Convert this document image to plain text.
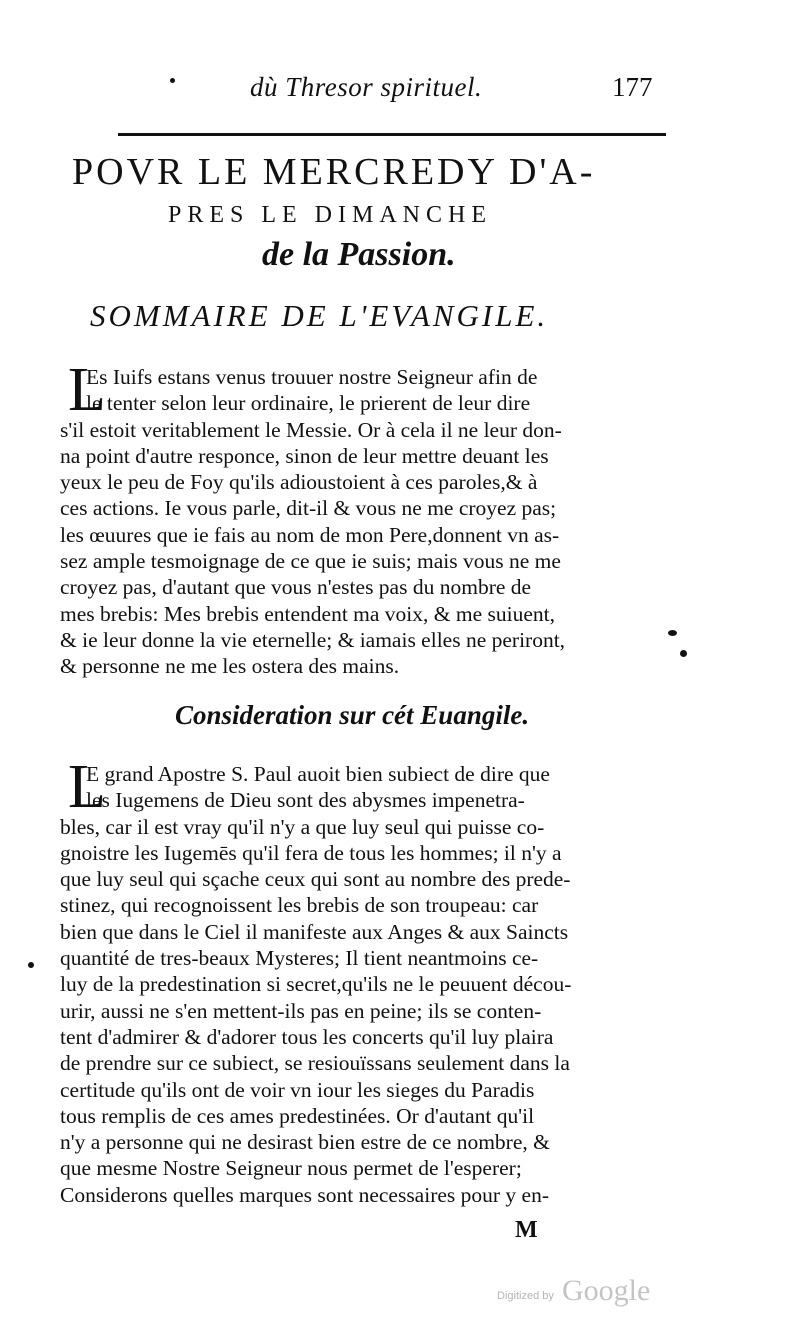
dù Thresor spirituel.	177
POVR LE MERCREDY D'A-
PRES LE DIMANCHE
de la Passion.
SOMMAIRE DE L'EVANGILE.
L
Es Iuifs estans venus trouuer nostre Seigneur afin de
le tenter selon leur ordinaire, le prierent de leur dire
s'il estoit veritablement le Messie. Or à cela il ne leur don-
na point d'autre responce, sinon de leur mettre deuant les
yeux le peu de Foy qu'ils adioustoient à ces paroles,& à
ces actions. Ie vous parle, dit-il & vous ne me croyez pas;
les œuures que ie fais au nom de mon Pere,donnent vn as-
sez ample tesmoignage de ce que ie suis; mais vous ne me
croyez pas, d'autant que vous n'estes pas du nombre de
mes brebis: Mes brebis entendent ma voix, & me suiuent,
& ie leur donne la vie eternelle; & iamais elles ne periront,
& personne ne me les ostera des mains.
Consideration sur cét Euangile.
L
E grand Apostre S. Paul auoit bien subiect de dire que
les Iugemens de Dieu sont des abysmes impenetra-
bles, car il est vray qu'il n'y a que luy seul qui puisse co-
gnoistre les Iugemēs qu'il fera de tous les hommes; il n'y a
que luy seul qui sçache ceux qui sont au nombre des prede-
stinez, qui recognoissent les brebis de son troupeau: car
bien que dans le Ciel il manifeste aux Anges & aux Saincts
quantité de tres-beaux Mysteres; Il tient neantmoins ce-
luy de la predestination si secret,qu'ils ne le peuuent décou-
urir, aussi ne s'en mettent-ils pas en peine; ils se conten-
tent d'admirer & d'adorer tous les concerts qu'il luy plaira
de prendre sur ce subiect, se resiouïssans seulement dans la
certitude qu'ils ont de voir vn iour les sieges du Paradis
tous remplis de ces ames predestinées. Or d'autant qu'il
n'y a personne qui ne desirast bien estre de ce nombre, &
que mesme Nostre Seigneur nous permet de l'esperer;
Considerons quelles marques sont necessaires pour y en-
M
Digitized by Google
